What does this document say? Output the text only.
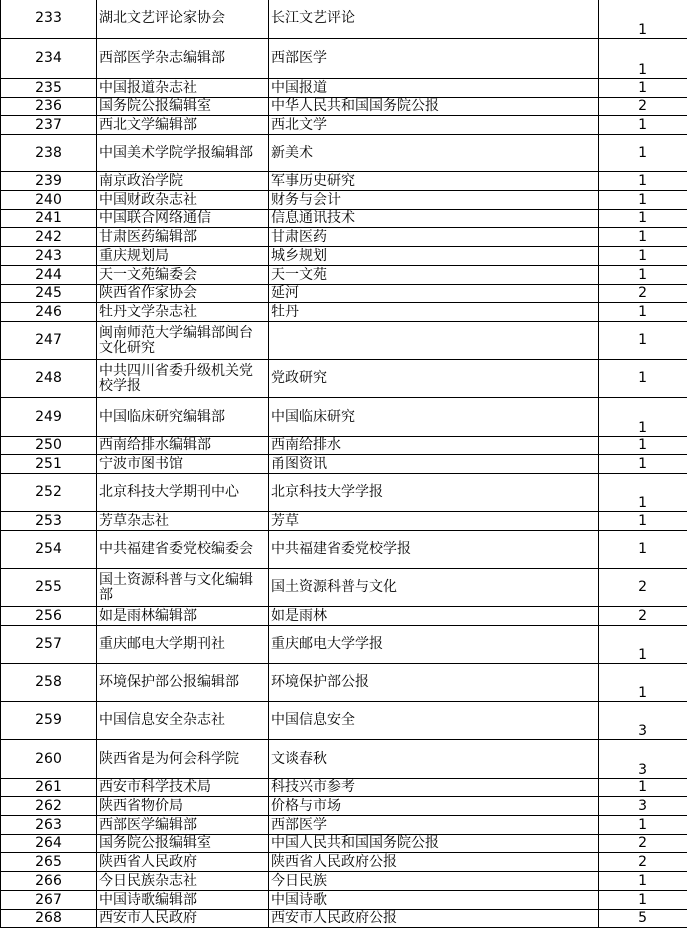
233	湖北文艺评论家协会	长江文艺评论	1
234	西部医学杂志编辑部	西部医学	1
235	中国报道杂志社	中国报道	1
236	国务院公报编辑室	中华人民共和国国务院公报	2
237	西北文学编辑部	西北文学	1
238	中国美术学院学报编辑部	新美术	1
239	南京政治学院	军事历史研究	1
240	中国财政杂志社	财务与会计	1
241	中国联合网络通信	信息通讯技术	1
242	甘肃医药编辑部	甘肃医药	1
243	重庆规划局	城乡规划	1
244	天一文苑编委会	天一文苑	1
245	陕西省作家协会	延河	2
246	牡丹文学杂志社	牡丹	1
247	闽南师范大学编辑部闽台文化研究		1
248	中共四川省委升级机关党校学报	党政研究	1
249	中国临床研究编辑部	中国临床研究	1
250	西南给排水编辑部	西南给排水	1
251	宁波市图书馆	甬图资讯	1
252	北京科技大学期刊中心	北京科技大学学报	1
253	芳草杂志社	芳草	1
254	中共福建省委党校编委会	中共福建省委党校学报	1
255	国土资源科普与文化编辑部	国土资源科普与文化	2
256	如是雨林编辑部	如是雨林	2
257	重庆邮电大学期刊社	重庆邮电大学学报	1
258	环境保护部公报编辑部	环境保护部公报	1
259	中国信息安全杂志社	中国信息安全	3
260	陕西省是为何会科学院	文谈春秋	3
261	西安市科学技术局	科技兴市参考	1
262	陕西省物价局	价格与市场	3
263	西部医学编辑部	西部医学	1
264	国务院公报编辑室	中国人民共和国国务院公报	2
265	陕西省人民政府	陕西省人民政府公报	2
266	今日民族杂志社	今日民族	1
267	中国诗歌编辑部	中国诗歌	1
268	西安市人民政府	西安市人民政府公报	5
